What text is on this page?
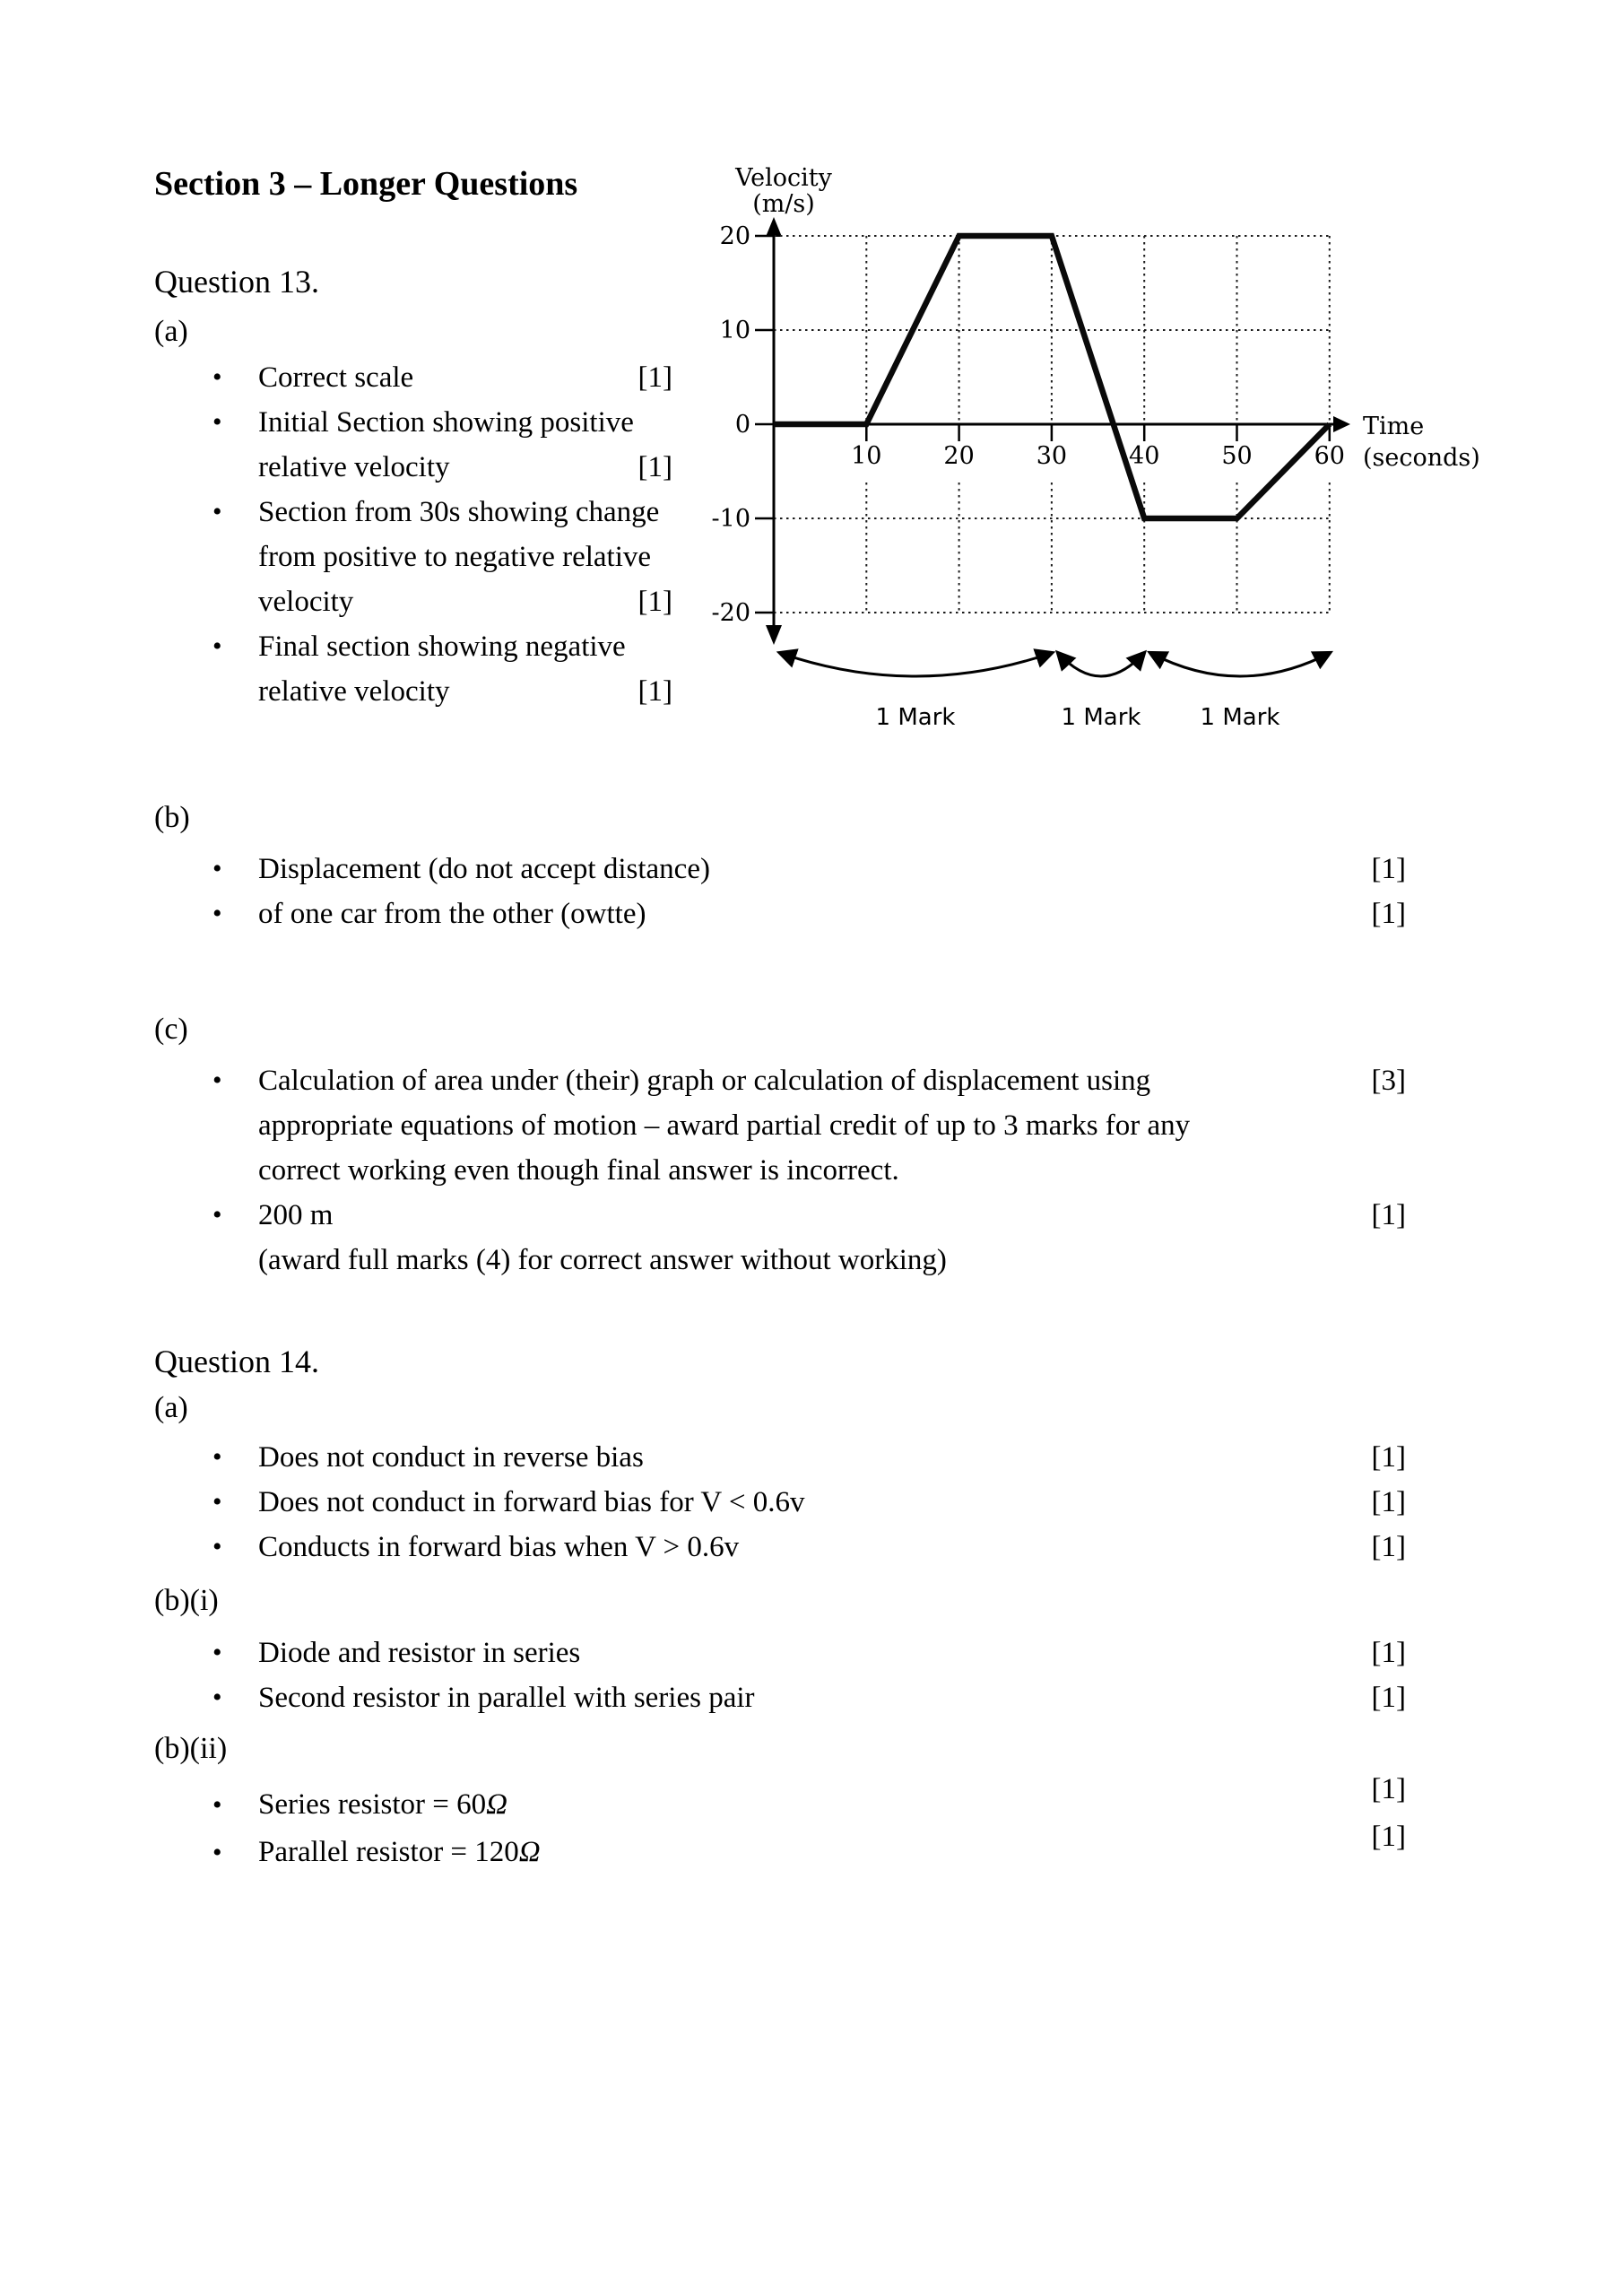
Section 3 – Longer Questions
Question 13.
(a)
• Correct scale	[1]
• Initial Section showing positive
relative velocity	[1]
• Section from 30s showing change
from positive to negative relative
velocity	[1]
• Final section showing negative
relative velocity	[1]
Velocity
(m/s)
Time
(seconds)
20
10
0
-10
-20
10	20	30	40	50	60
1 Mark	1 Mark	1 Mark
(b)
• Displacement (do not accept distance)	[1]
• of one car from the other (owtte)	[1]
(c)
• Calculation of area under (their) graph or calculation of displacement using
appropriate equations of motion – award partial credit of up to 3 marks for any
correct working even though final answer is incorrect.
[3]
• 200 m	[1]
(award full marks (4) for correct answer without working)
Question 14.
(a)
• Does not conduct in reverse bias	[1]
• Does not conduct in forward bias for V < 0.6v	[1]
• Conducts in forward bias when V > 0.6v	[1]
(b)(i)
• Diode and resistor in series	[1]
• Second resistor in parallel with series pair	[1]
(b)(ii)
• Series resistor = 60Ω	[1]
• Parallel resistor = 120Ω	[1]
